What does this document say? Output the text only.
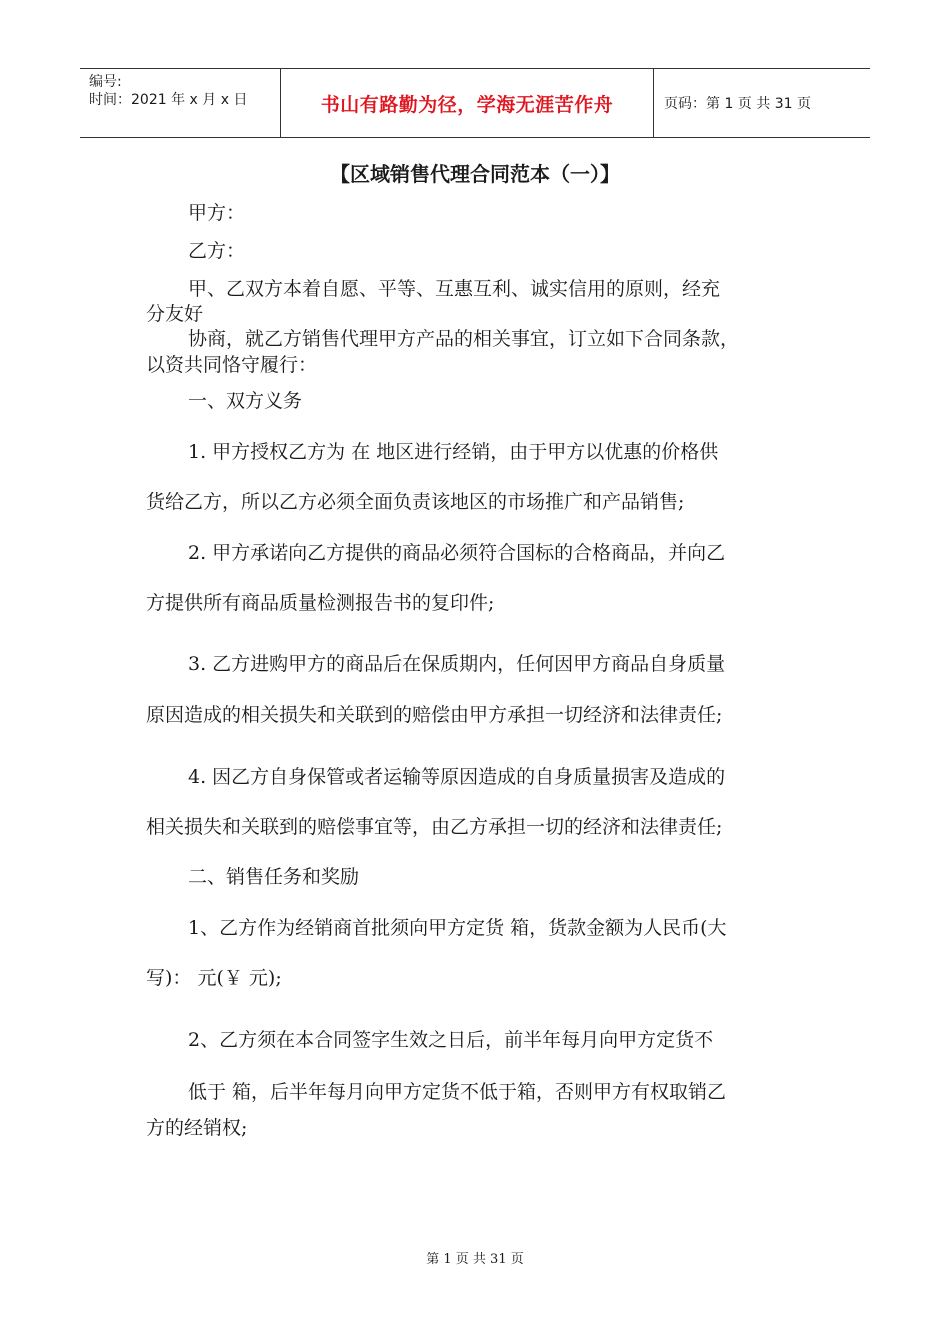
编号:
时间：2021 年 x 月 x 日	书山有路勤为径，学海无涯苦作舟	页码：第 1 页 共 31 页
【区域销售代理合同范本（一）】
甲方：
乙方：
甲、乙双方本着自愿、平等、互惠互利、诚实信用的原则，经充
分友好
协商，就乙方销售代理甲方产品的相关事宜，订立如下合同条款，
以资共同恪守履行：
一、双方义务
1. 甲方授权乙方为 在 地区进行经销，由于甲方以优惠的价格供
货给乙方，所以乙方必须全面负责该地区的市场推广和产品销售;
2. 甲方承诺向乙方提供的商品必须符合国标的合格商品，并向乙
方提供所有商品质量检测报告书的复印件;
3. 乙方进购甲方的商品后在保质期内，任何因甲方商品自身质量
原因造成的相关损失和关联到的赔偿由甲方承担一切经济和法律责任;
4. 因乙方自身保管或者运输等原因造成的自身质量损害及造成的
相关损失和关联到的赔偿事宜等，由乙方承担一切的经济和法律责任;
二、销售任务和奖励
1、乙方作为经销商首批须向甲方定货 箱，货款金额为人民币(大
写)： 元(￥ 元);
2、乙方须在本合同签字生效之日后，前半年每月向甲方定货不
低于 箱，后半年每月向甲方定货不低于箱，否则甲方有权取销乙
方的经销权;
第 1 页 共 31 页
